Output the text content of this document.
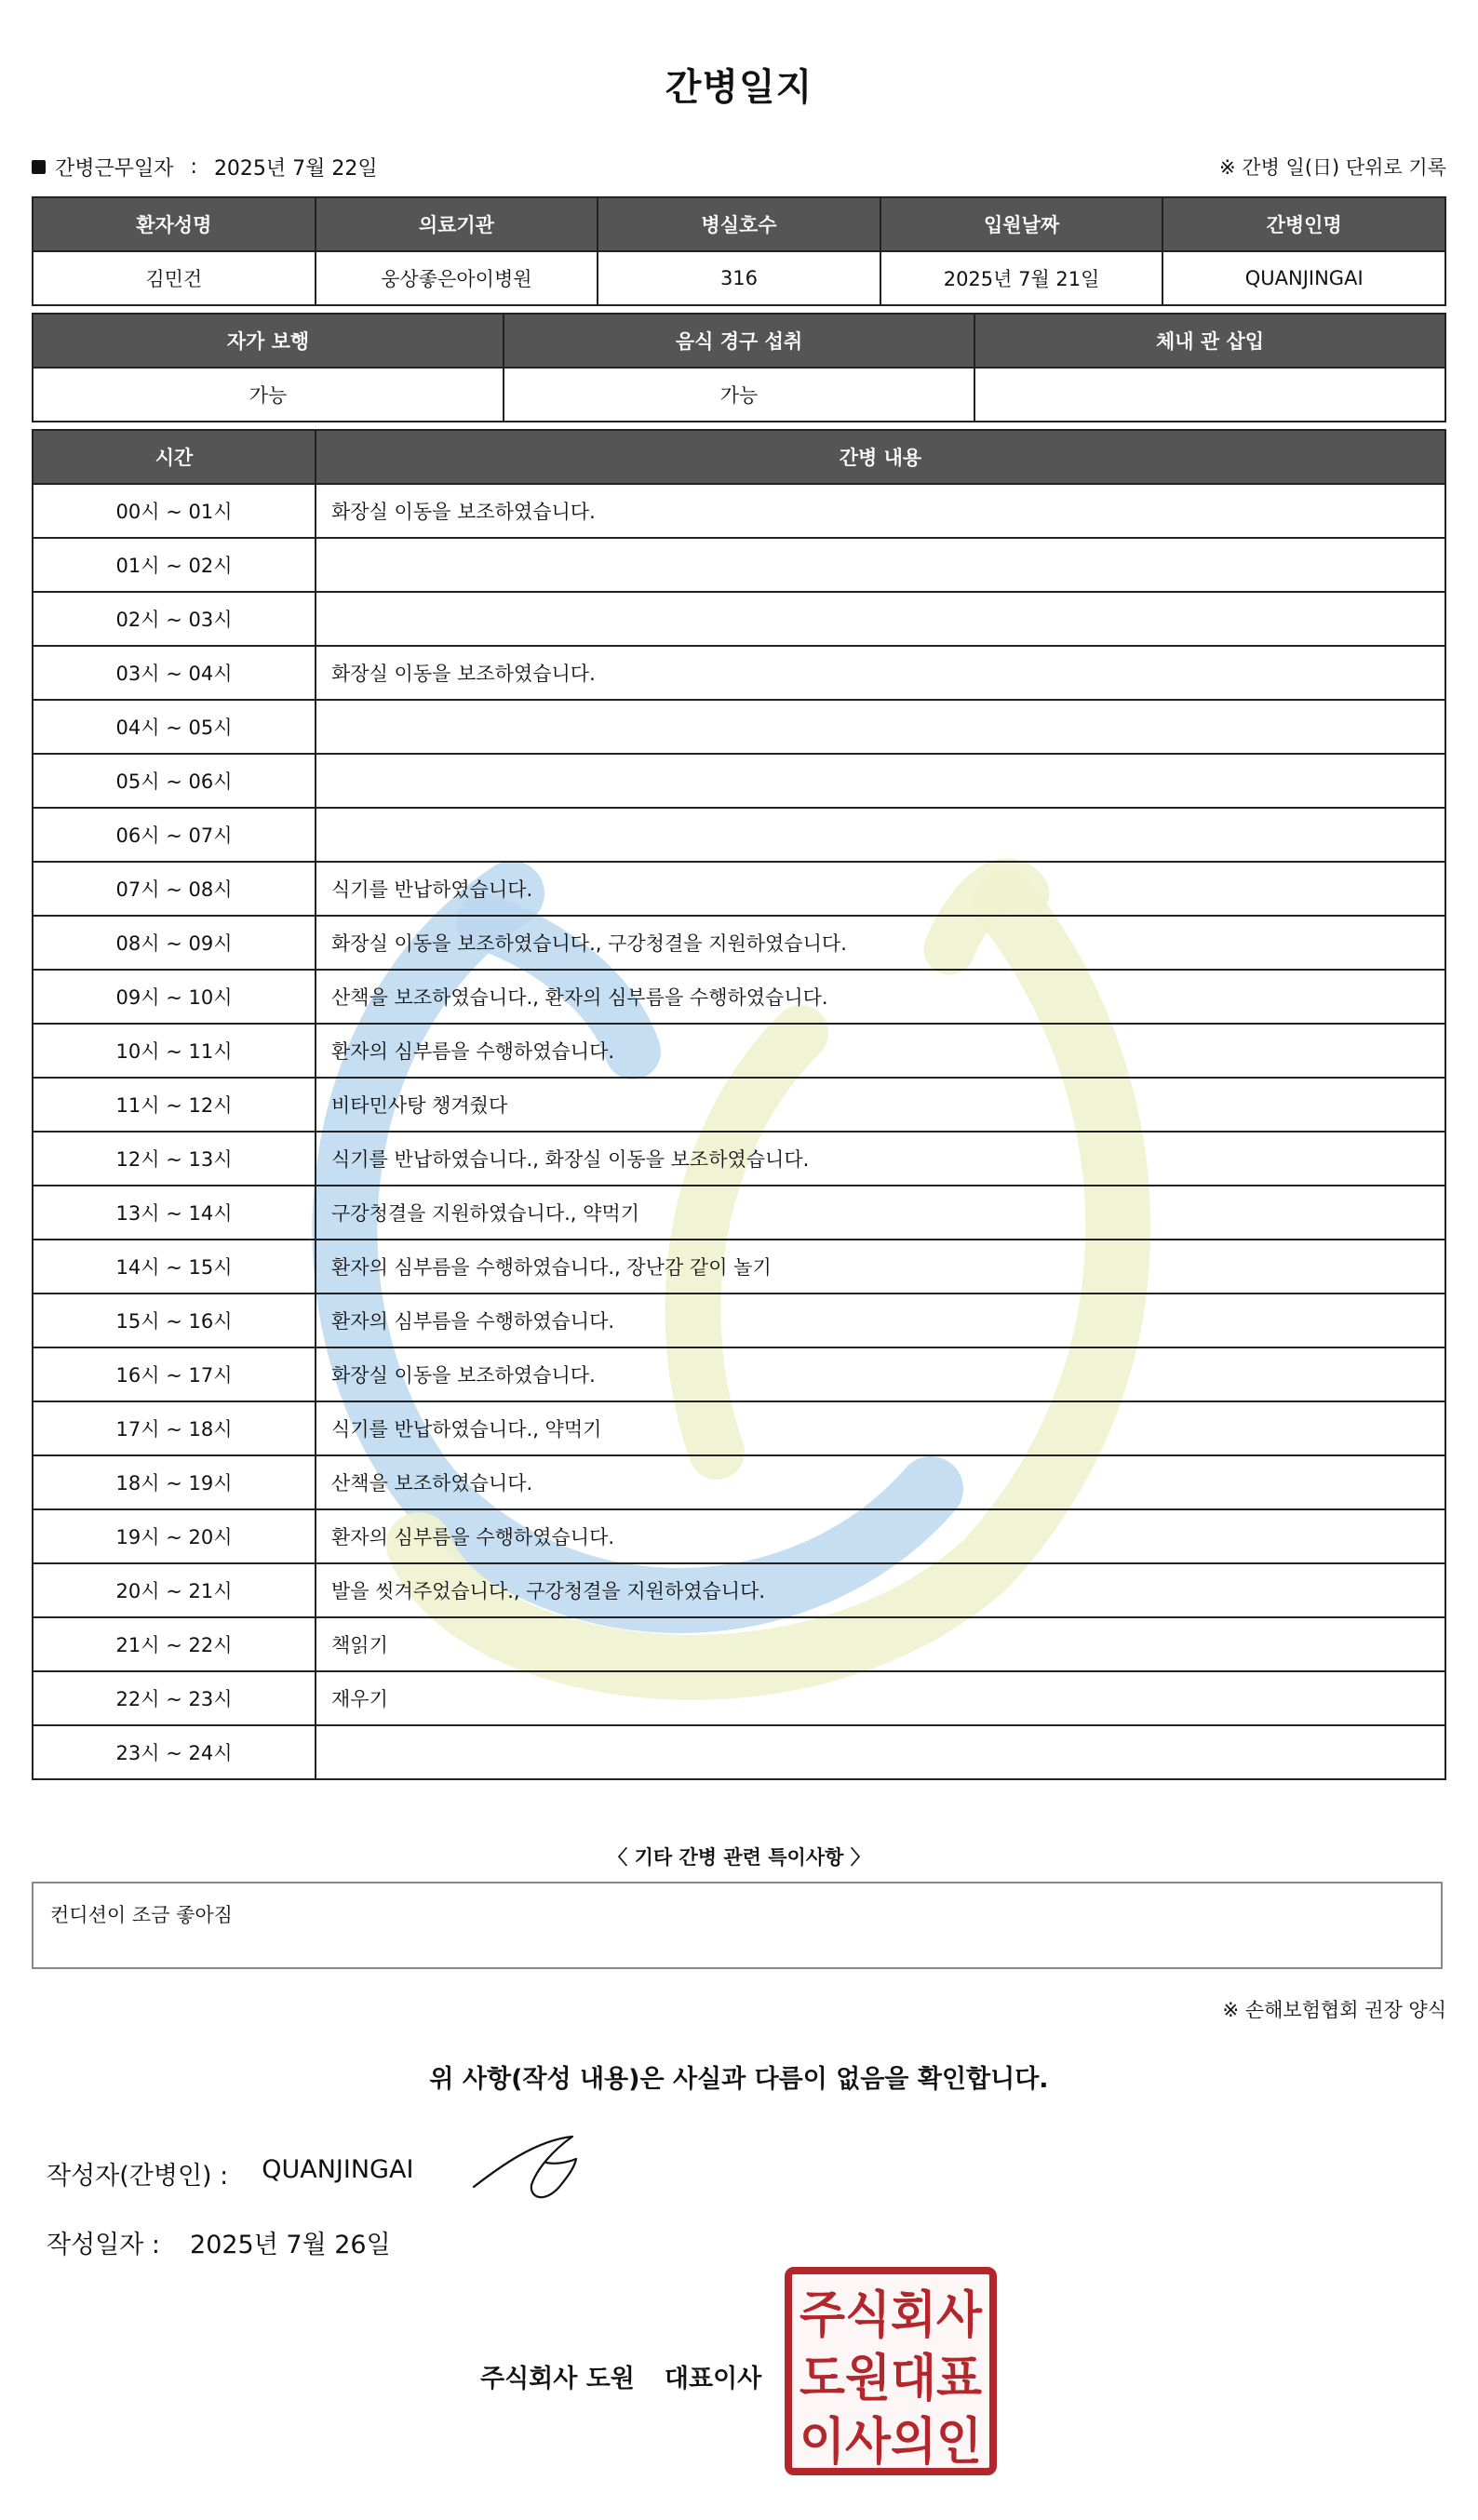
간병일지
간병근무일자 : 2025년 7월 22일	※ 간병 일(日) 단위로 기록
환자성명	의료기관	병실호수	입원날짜	간병인명
김민건	웅상좋은아이병원	316	2025년 7월 21일	QUANJINGAI
자가 보행	음식 경구 섭취	체내 관 삽입
가능	가능	
시간	간병 내용
00시 ~ 01시	화장실 이동을 보조하였습니다.
01시 ~ 02시	
02시 ~ 03시	
03시 ~ 04시	화장실 이동을 보조하였습니다.
04시 ~ 05시	
05시 ~ 06시	
06시 ~ 07시	
07시 ~ 08시	식기를 반납하였습니다.
08시 ~ 09시	화장실 이동을 보조하였습니다., 구강청결을 지원하였습니다.
09시 ~ 10시	산책을 보조하였습니다., 환자의 심부름을 수행하였습니다.
10시 ~ 11시	환자의 심부름을 수행하였습니다.
11시 ~ 12시	비타민사탕 챙겨줬다
12시 ~ 13시	식기를 반납하였습니다., 화장실 이동을 보조하였습니다.
13시 ~ 14시	구강청결을 지원하였습니다., 약먹기
14시 ~ 15시	환자의 심부름을 수행하였습니다., 장난감 같이 놀기
15시 ~ 16시	환자의 심부름을 수행하였습니다.
16시 ~ 17시	화장실 이동을 보조하였습니다.
17시 ~ 18시	식기를 반납하였습니다., 약먹기
18시 ~ 19시	산책을 보조하였습니다.
19시 ~ 20시	환자의 심부름을 수행하였습니다.
20시 ~ 21시	발을 씻겨주었습니다., 구강청결을 지원하였습니다.
21시 ~ 22시	책읽기
22시 ~ 23시	재우기
23시 ~ 24시	
〈 기타 간병 관련 특이사항 〉
컨디션이 조금 좋아짐
※ 손해보험협회 권장 양식
위 사항(작성 내용)은 사실과 다름이 없음을 확인합니다.
작성자(간병인) : QUANJINGAI
작성일자 : 2025년 7월 26일
주식회사 도원 대표이사
주식회사
도원대표
이사의인
